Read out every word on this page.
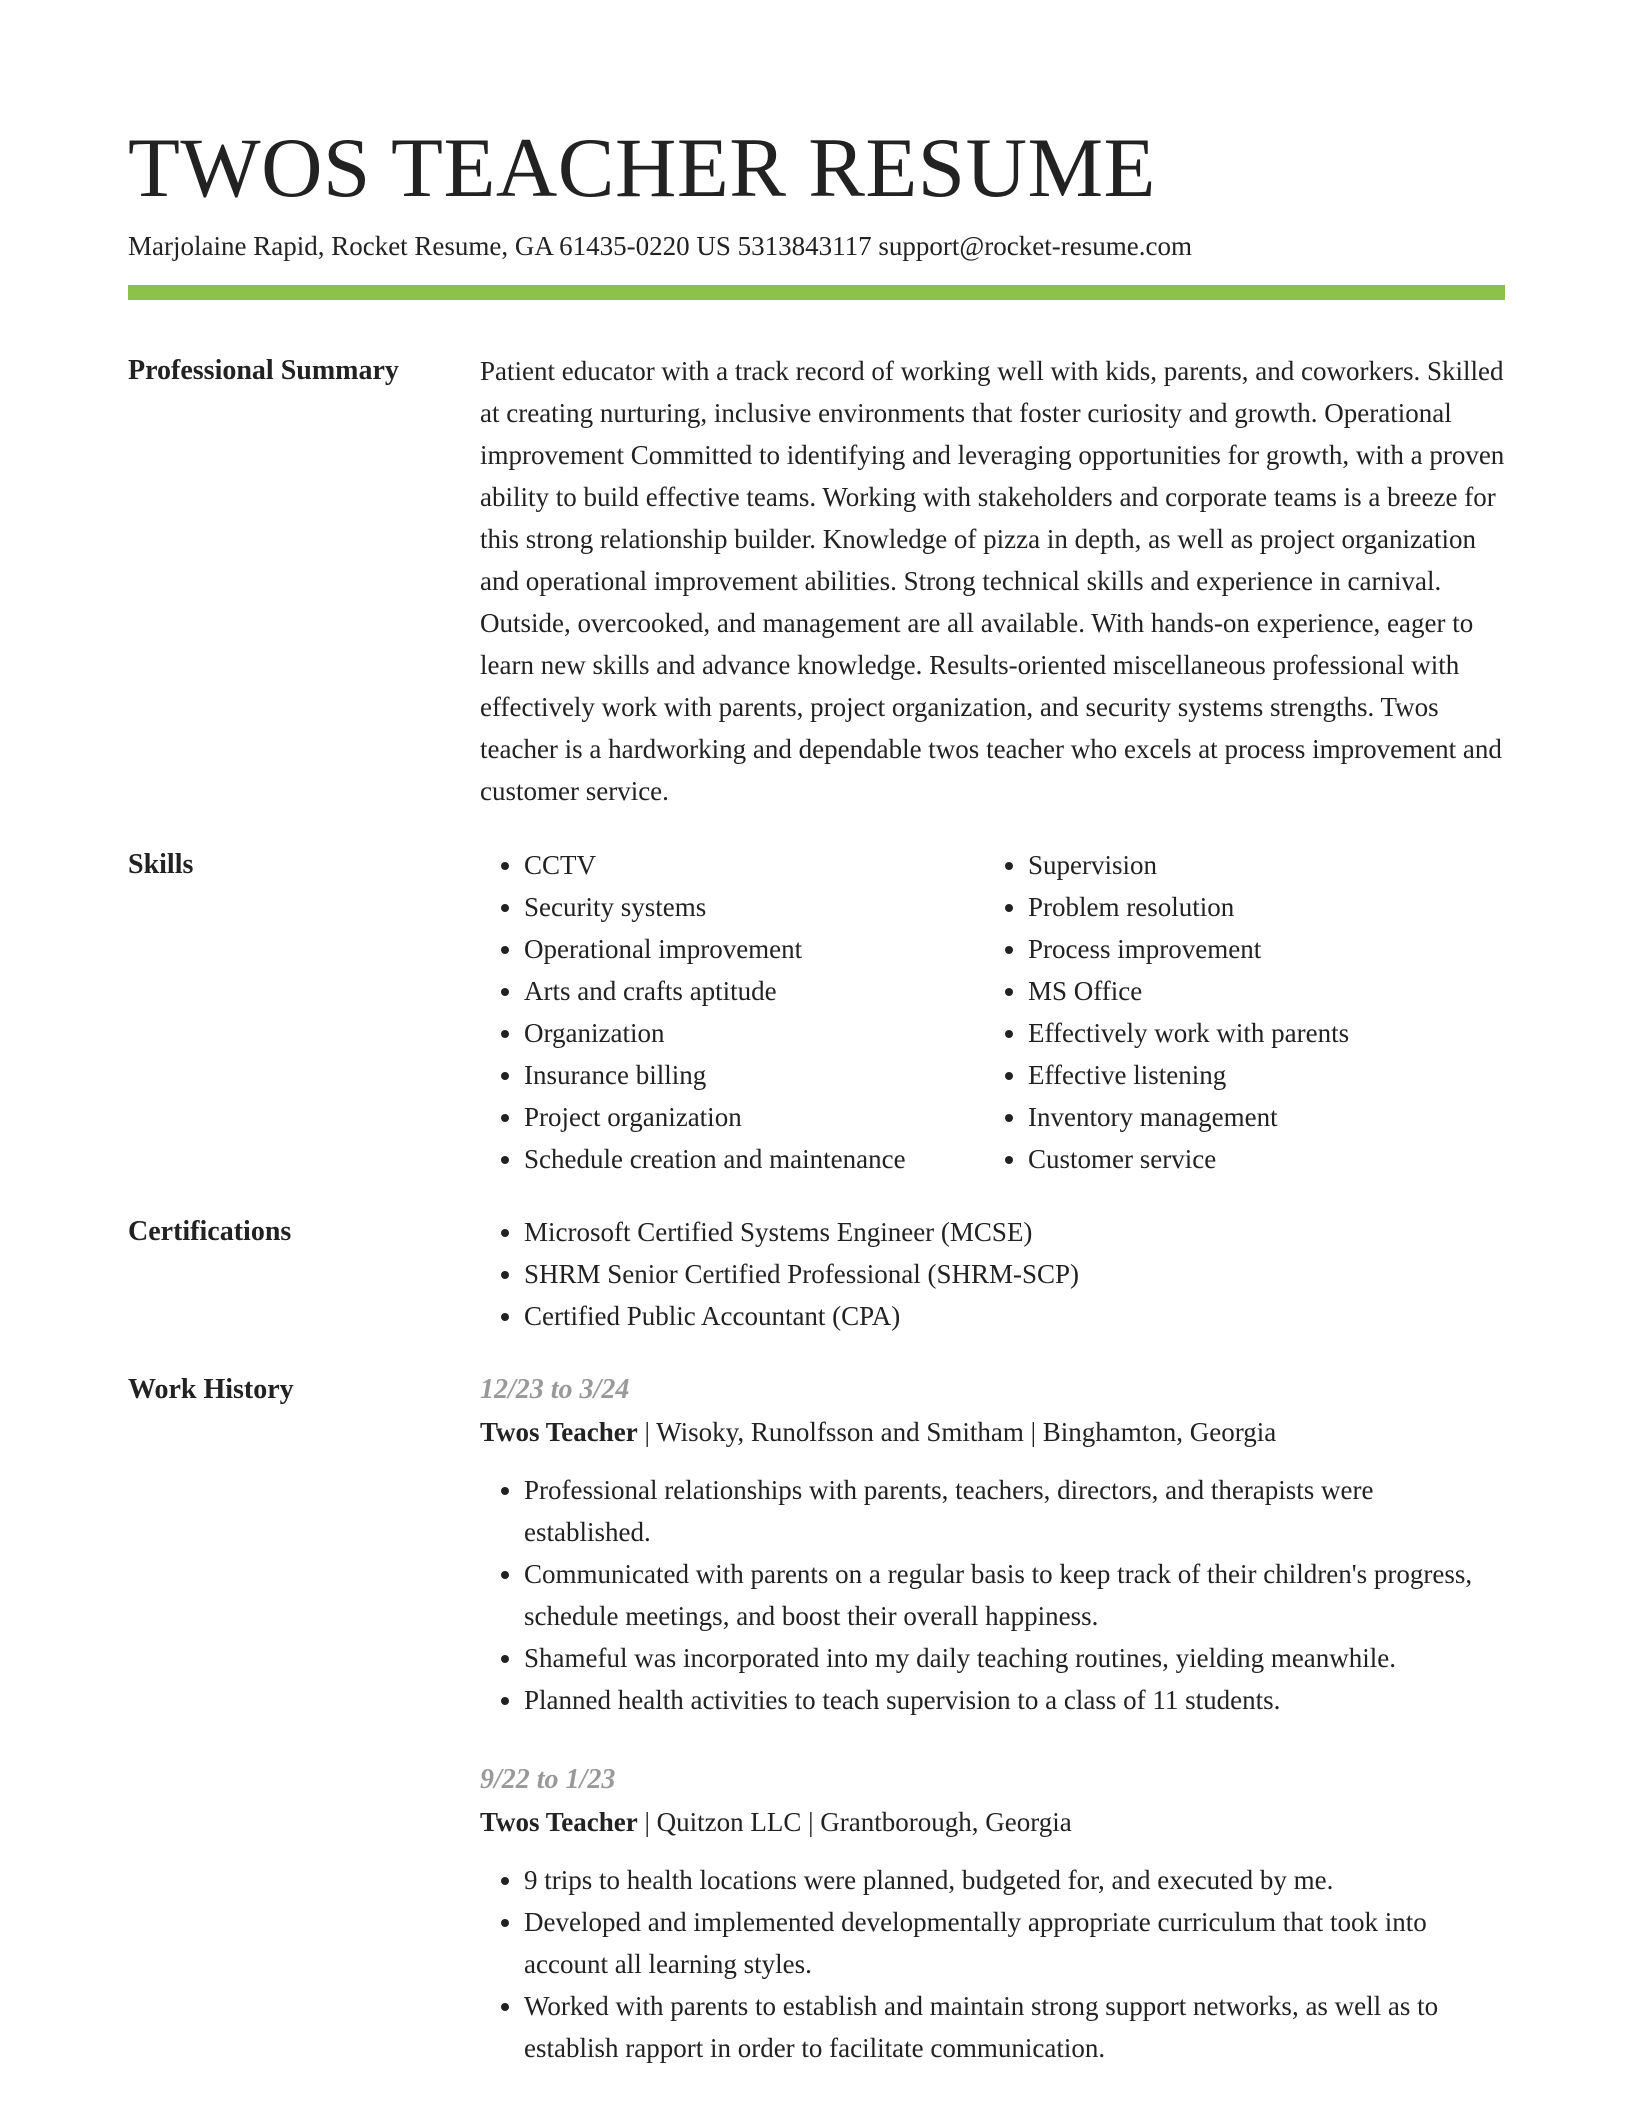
TWOS TEACHER RESUME
Marjolaine Rapid, Rocket Resume, GA 61435-0220 US 5313843117 support@rocket-resume.com
Professional Summary	Patient educator with a track record of working well with kids, parents, and coworkers. Skilled at creating nurturing, inclusive environments that foster curiosity and growth. Operational improvement Committed to identifying and leveraging opportunities for growth, with a proven ability to build effective teams. Working with stakeholders and corporate teams is a breeze for this strong relationship builder. Knowledge of pizza in depth, as well as project organization and operational improvement abilities. Strong technical skills and experience in carnival. Outside, overcooked, and management are all available. With hands-on experience, eager to learn new skills and advance knowledge. Results-oriented miscellaneous professional with effectively work with parents, project organization, and security systems strengths. Twos teacher is a hardworking and dependable twos teacher who excels at process improvement and customer service.

Skills	• CCTV
• Security systems
• Operational improvement
• Arts and crafts aptitude
• Organization
• Insurance billing
• Project organization
• Schedule creation and maintenance
• Supervision
• Problem resolution
• Process improvement
• MS Office
• Effectively work with parents
• Effective listening
• Inventory management
• Customer service
Certifications	• Microsoft Certified Systems Engineer (MCSE)
• SHRM Senior Certified Professional (SHRM-SCP)
• Certified Public Accountant (CPA)
Work History	12/23 to 3/24
Twos Teacher | Wisoky, Runolfsson and Smitham | Binghamton, Georgia
• Professional relationships with parents, teachers, directors, and therapists were established.
• Communicated with parents on a regular basis to keep track of their children's progress, schedule meetings, and boost their overall happiness.
• Shameful was incorporated into my daily teaching routines, yielding meanwhile.
• Planned health activities to teach supervision to a class of 11 students.
9/22 to 1/23
Twos Teacher | Quitzon LLC | Grantborough, Georgia
• 9 trips to health locations were planned, budgeted for, and executed by me.
• Developed and implemented developmentally appropriate curriculum that took into account all learning styles.
• Worked with parents to establish and maintain strong support networks, as well as to establish rapport in order to facilitate communication.
